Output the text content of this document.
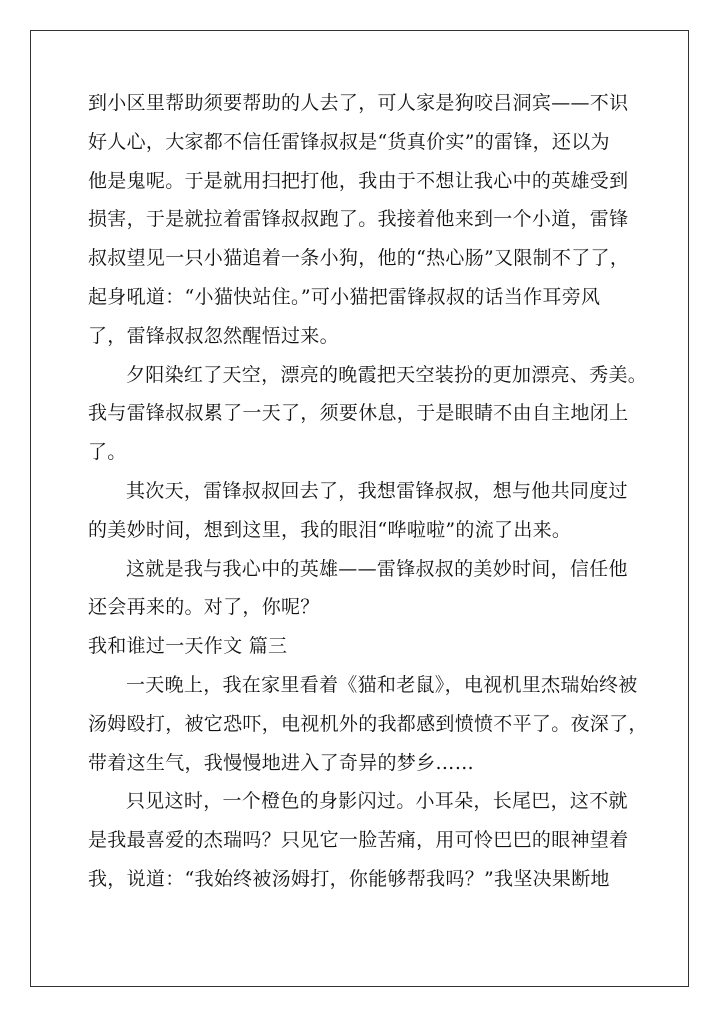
到小区里帮助须要帮助的人去了，可人家是狗咬吕洞宾——不识
好人心，大家都不信任雷锋叔叔是“货真价实”的雷锋，还以为
他是鬼呢。于是就用扫把打他，我由于不想让我心中的英雄受到
损害，于是就拉着雷锋叔叔跑了。我接着他来到一个小道，雷锋
叔叔望见一只小猫追着一条小狗，他的“热心肠”又限制不了了，
起身吼道：“小猫快站住。”可小猫把雷锋叔叔的话当作耳旁风
了，雷锋叔叔忽然醒悟过来。
夕阳染红了天空，漂亮的晚霞把天空装扮的更加漂亮、秀美。
我与雷锋叔叔累了一天了，须要休息，于是眼睛不由自主地闭上
了。
其次天，雷锋叔叔回去了，我想雷锋叔叔，想与他共同度过
的美妙时间，想到这里，我的眼泪“哗啦啦”的流了出来。
这就是我与我心中的英雄——雷锋叔叔的美妙时间，信任他
还会再来的。对了，你呢？
我和谁过一天作文 篇三
一天晚上，我在家里看着《猫和老鼠》，电视机里杰瑞始终被
汤姆殴打，被它恐吓，电视机外的我都感到愤愤不平了。夜深了，
带着这生气，我慢慢地进入了奇异的梦乡……
只见这时，一个橙色的身影闪过。小耳朵，长尾巴，这不就
是我最喜爱的杰瑞吗？只见它一脸苦痛，用可怜巴巴的眼神望着
我，说道：“我始终被汤姆打，你能够帮我吗？”我坚决果断地
